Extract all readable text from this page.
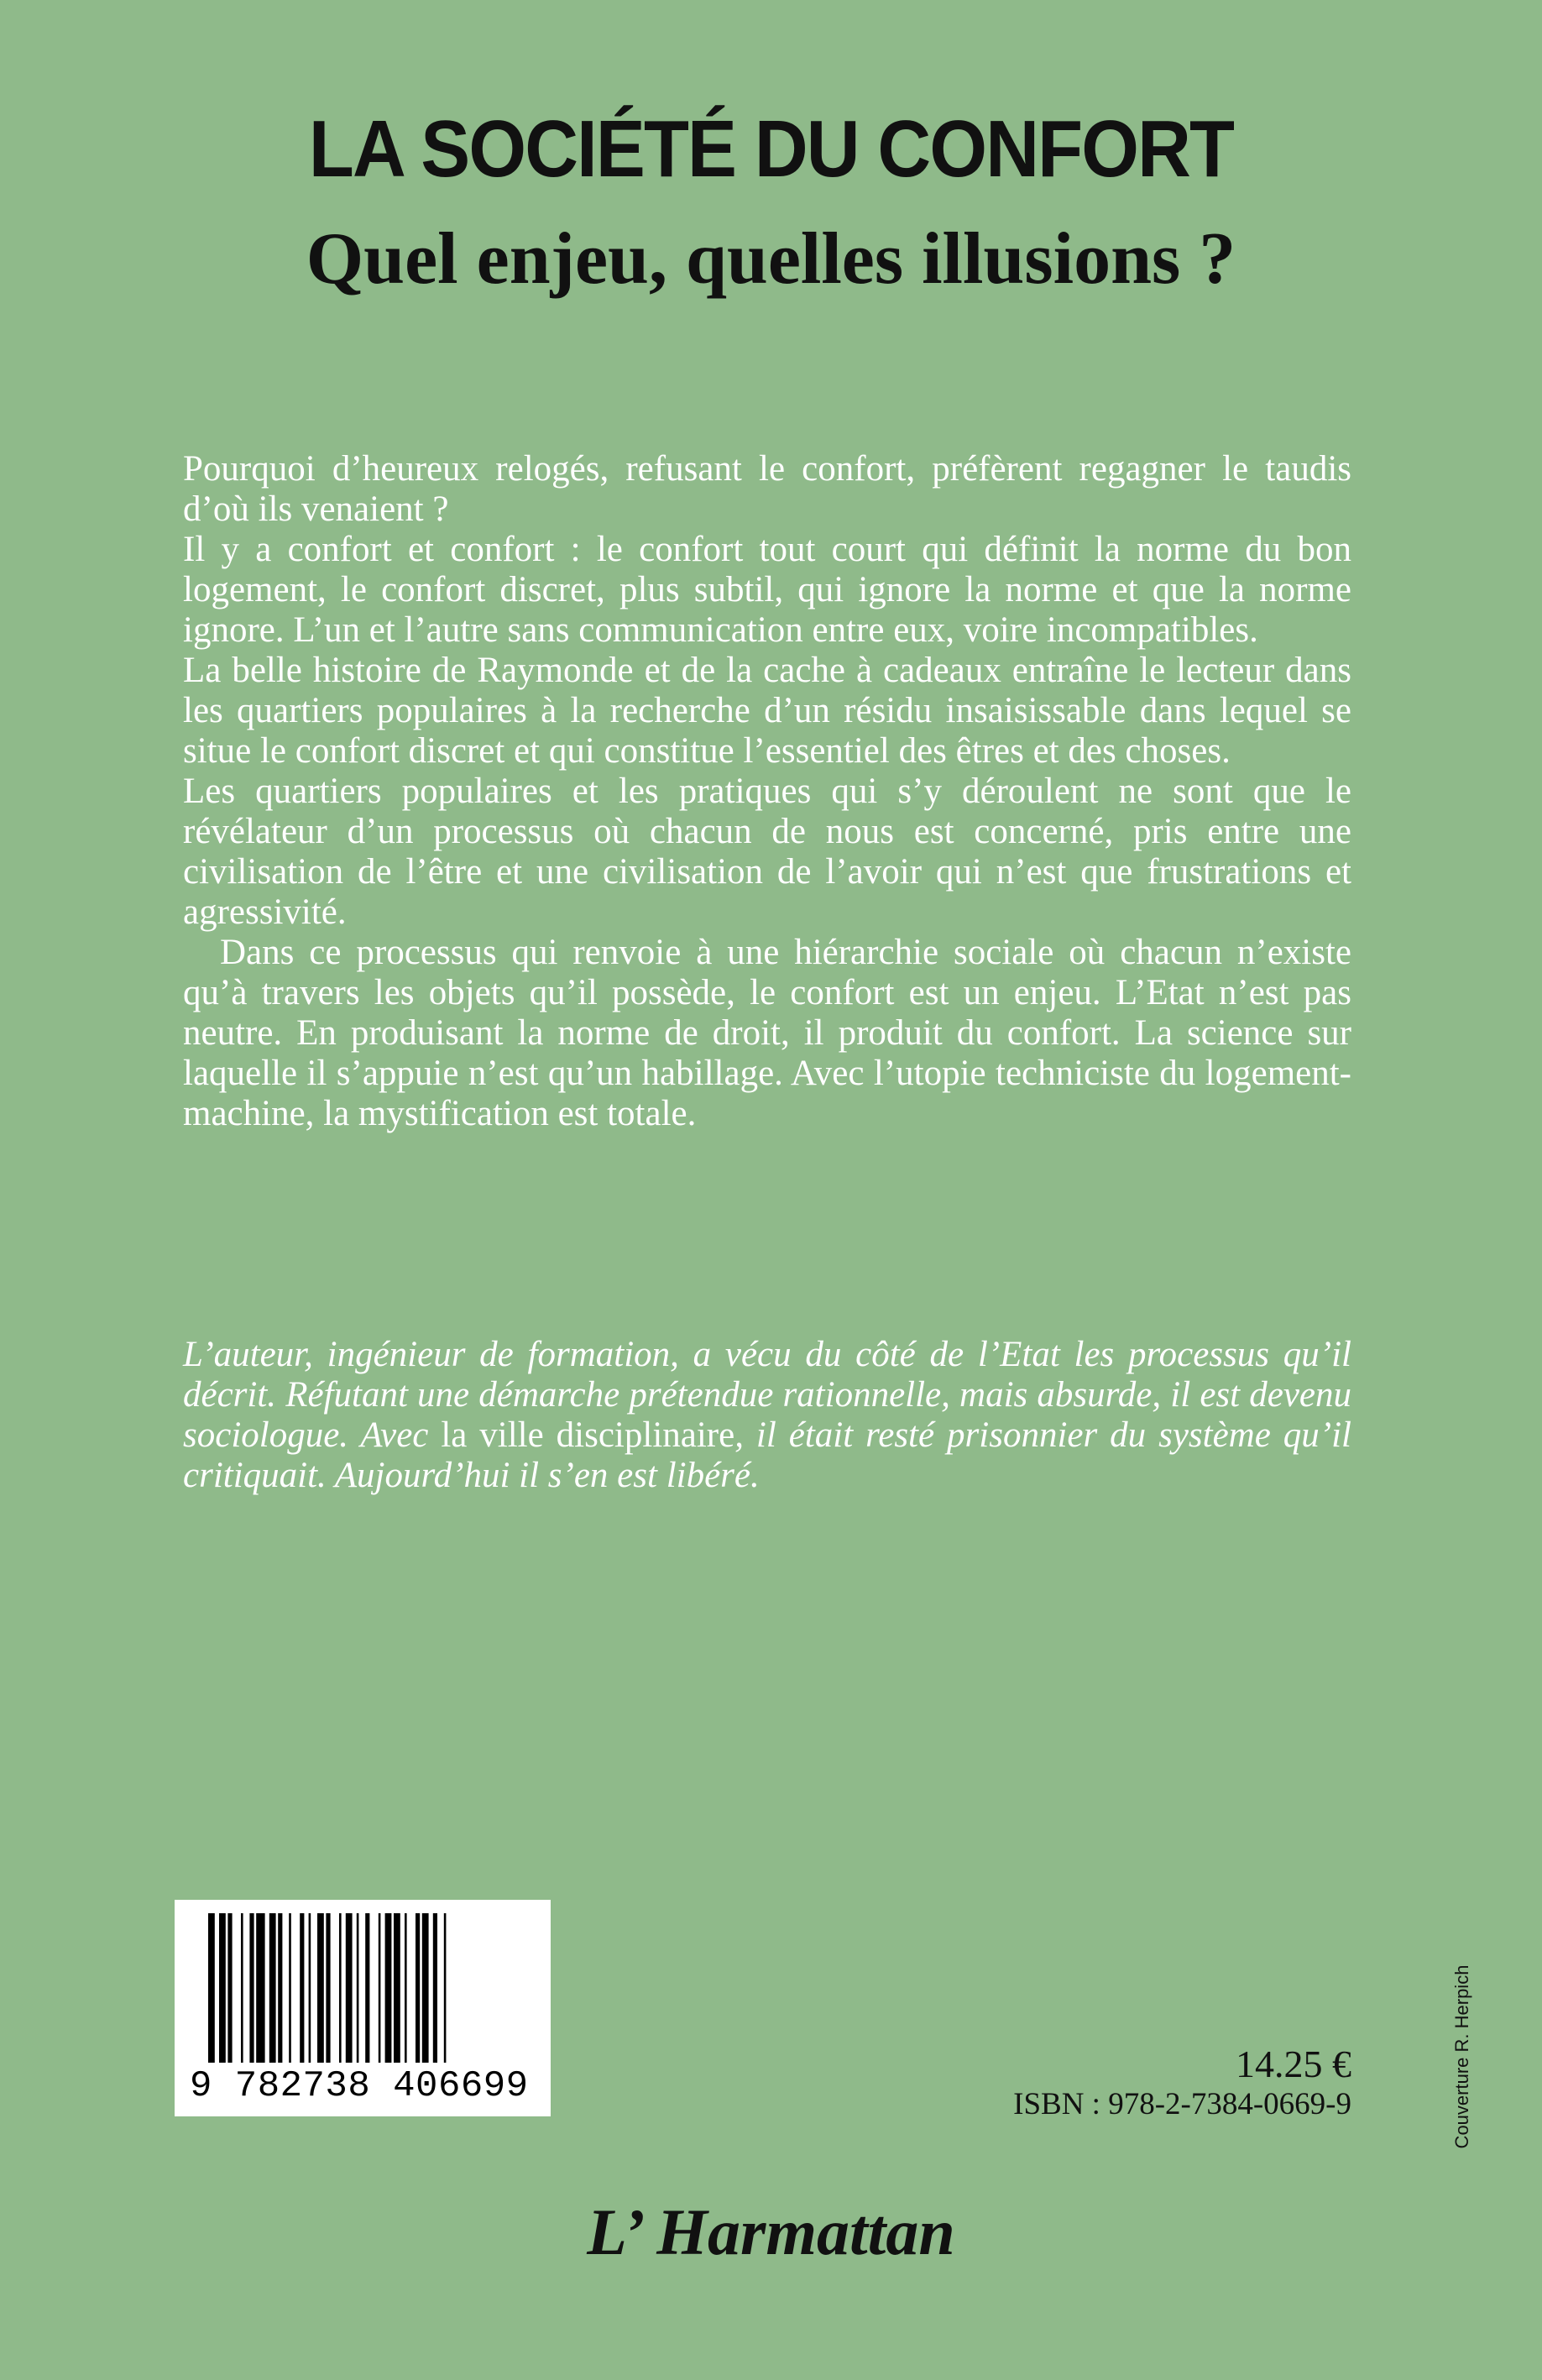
LA SOCIÉTÉ DU CONFORT
Quel enjeu, quelles illusions ?

Pourquoi d’heureux relogés, refusant le confort, préfèrent regagner le taudis d’où ils venaient ?

Il y a confort et confort : le confort tout court qui définit la norme du bon logement, le confort discret, plus subtil, qui ignore la norme et que la norme ignore. L’un et l’autre sans communication entre eux, voire incompatibles.

La belle histoire de Raymonde et de la cache à cadeaux entraîne le lecteur dans les quartiers populaires à la recherche d’un résidu insaisissable dans lequel se situe le confort discret et qui constitue l’essentiel des êtres et des choses.

Les quartiers populaires et les pratiques qui s’y déroulent ne sont que le révélateur d’un processus où chacun de nous est concerné, pris entre une civilisation de l’être et une civilisation de l’avoir qui n’est que frustrations et agressivité.

Dans ce processus qui renvoie à une hiérarchie sociale où chacun n’existe qu’à travers les objets qu’il possède, le confort est un enjeu. L’Etat n’est pas neutre. En produisant la norme de droit, il produit du confort. La science sur laquelle il s’appuie n’est qu’un habillage. Avec l’utopie techniciste du logement-machine, la mystification est totale.

L’auteur, ingénieur de formation, a vécu du côté de l’Etat les processus qu’il décrit. Réfutant une démarche prétendue rationnelle, mais absurde, il est devenu sociologue. Avec la ville disciplinaire, il était resté prisonnier du système qu’il critiquait. Aujourd’hui il s’en est libéré.
9 782738 406699
14.25 €
ISBN : 978-2-7384-0669-9
L’ Harmattan
Couverture R. Herpich
